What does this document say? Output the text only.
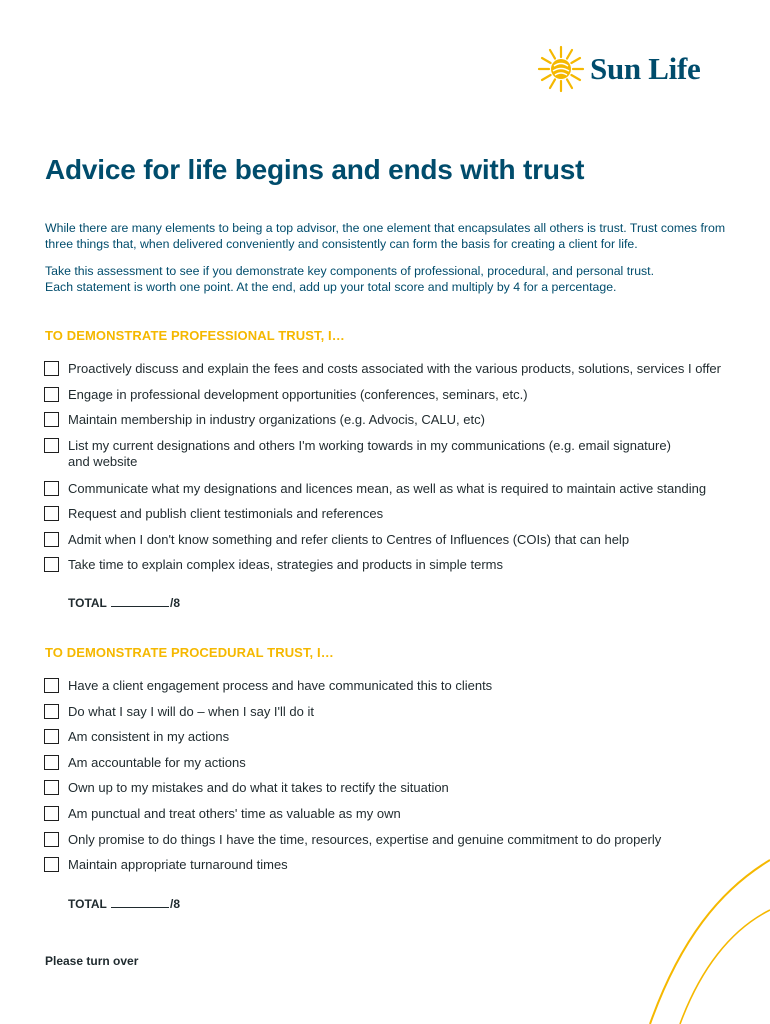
Sun Life
Advice for life begins and ends with trust

While there are many elements to being a top advisor, the one element that encapsulates all others is trust. Trust comes from three things that, when delivered conveniently and consistently can form the basis for creating a client for life.

Take this assessment to see if you demonstrate key components of professional, procedural, and personal trust.
Each statement is worth one point. At the end, add up your total score and multiply by 4 for a percentage.

TO DEMONSTRATE PROFESSIONAL TRUST, I…
Proactively discuss and explain the fees and costs associated with the various products, solutions, services I offer
Engage in professional development opportunities (conferences, seminars, etc.)
Maintain membership in industry organizations (e.g. Advocis, CALU, etc)
List my current designations and others I'm working towards in my communications (e.g. email signature) and website
Communicate what my designations and licences mean, as well as what is required to maintain active standing
Request and publish client testimonials and references
Admit when I don't know something and refer clients to Centres of Influences (COIs) that can help
Take time to explain complex ideas, strategies and products in simple terms
TOTAL	/8
TO DEMONSTRATE PROCEDURAL TRUST, I…
Have a client engagement process and have communicated this to clients
Do what I say I will do – when I say I'll do it
Am consistent in my actions
Am accountable for my actions
Own up to my mistakes and do what it takes to rectify the situation
Am punctual and treat others' time as valuable as my own
Only promise to do things I have the time, resources, expertise and genuine commitment to do properly
Maintain appropriate turnaround times
TOTAL	/8
Please turn over
